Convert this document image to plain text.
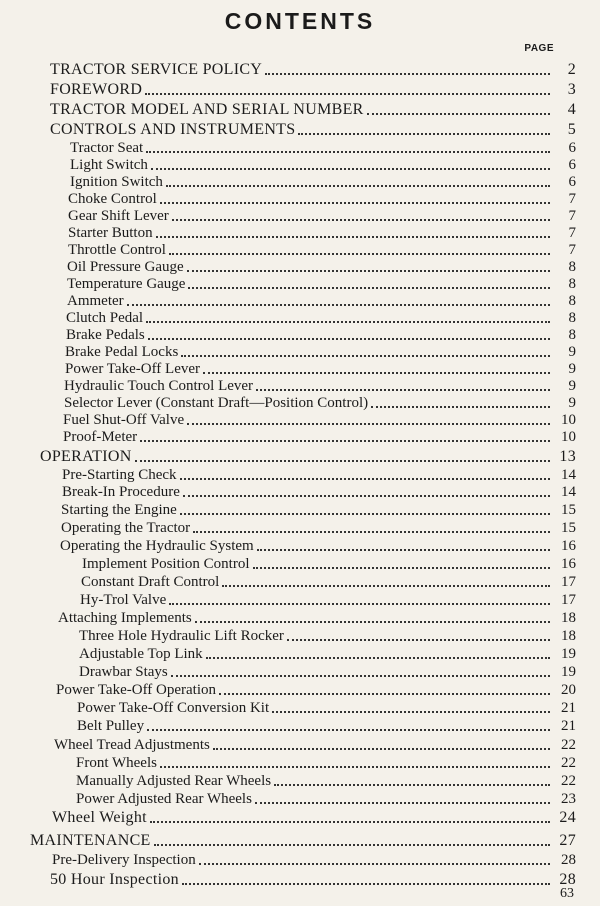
CONTENTS
PAGE
TRACTOR SERVICE POLICY	2
FOREWORD	3
TRACTOR MODEL AND SERIAL NUMBER	4
CONTROLS AND INSTRUMENTS	5
Tractor Seat	6
Light Switch	6
Ignition Switch	6
Choke Control	7
Gear Shift Lever	7
Starter Button	7
Throttle Control	7
Oil Pressure Gauge	8
Temperature Gauge	8
Ammeter	8
Clutch Pedal	8
Brake Pedals	8
Brake Pedal Locks	9
Power Take-Off Lever	9
Hydraulic Touch Control Lever	9
Selector Lever (Constant Draft—Position Control)	9
Fuel Shut-Off Valve	10
Proof-Meter	10
OPERATION	13
Pre-Starting Check	14
Break-In Procedure	14
Starting the Engine	15
Operating the Tractor	15
Operating the Hydraulic System	16
Implement Position Control	16
Constant Draft Control	17
Hy-Trol Valve	17
Attaching Implements	18
Three Hole Hydraulic Lift Rocker	18
Adjustable Top Link	19
Drawbar Stays	19
Power Take-Off Operation	20
Power Take-Off Conversion Kit	21
Belt Pulley	21
Wheel Tread Adjustments	22
Front Wheels	22
Manually Adjusted Rear Wheels	22
Power Adjusted Rear Wheels	23
Wheel Weight	24
MAINTENANCE	27
Pre-Delivery Inspection	28
50 Hour Inspection	28
63
